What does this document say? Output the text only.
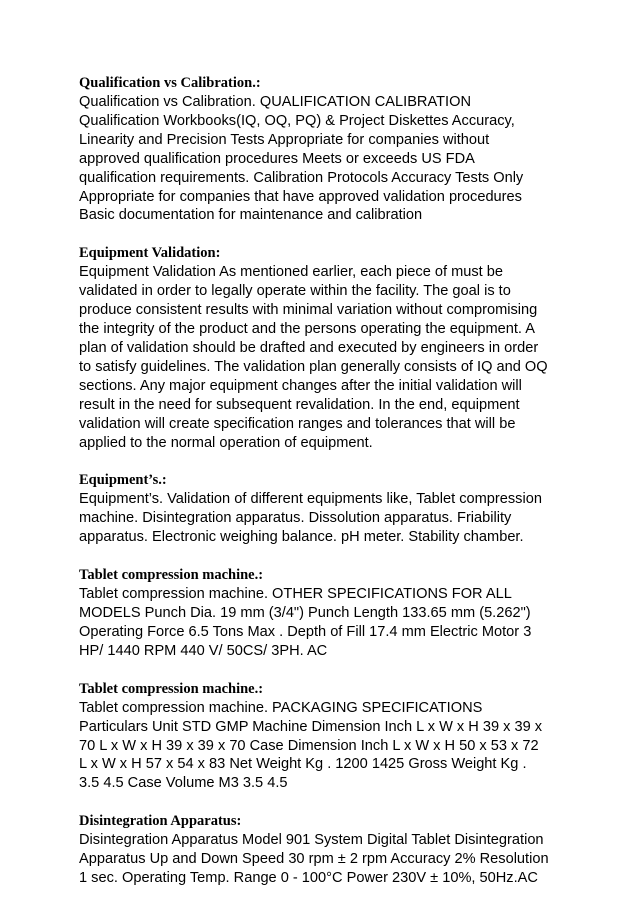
Qualification vs Calibration.:

Qualification vs Calibration. QUALIFICATION CALIBRATION

Qualification Workbooks(IQ, OQ, PQ) & Project Diskettes Accuracy,

Linearity and Precision Tests Appropriate for companies without

approved qualification procedures Meets or exceeds US FDA

qualification requirements. Calibration Protocols Accuracy Tests Only

Appropriate for companies that have approved validation procedures

Basic documentation for maintenance and calibration

Equipment Validation:

Equipment Validation As mentioned earlier, each piece of must be

validated in order to legally operate within the facility. The goal is to

produce consistent results with minimal variation without compromising

the integrity of the product and the persons operating the equipment. A

plan of validation should be drafted and executed by engineers in order

to satisfy guidelines. The validation plan generally consists of IQ and OQ

sections. Any major equipment changes after the initial validation will

result in the need for subsequent revalidation. In the end, equipment

validation will create specification ranges and tolerances that will be

applied to the normal operation of equipment.

Equipment’s.:

Equipment’s. Validation of different equipments like, Tablet compression

machine. Disintegration apparatus. Dissolution apparatus. Friability

apparatus. Electronic weighing balance. pH meter. Stability chamber.

Tablet compression machine.:

Tablet compression machine. OTHER SPECIFICATIONS FOR ALL

MODELS Punch Dia. 19 mm (3/4") Punch Length 133.65 mm (5.262")

Operating Force 6.5 Tons Max . Depth of Fill 17.4 mm Electric Motor 3

HP/ 1440 RPM 440 V/ 50CS/ 3PH. AC

Tablet compression machine.:

Tablet compression machine. PACKAGING SPECIFICATIONS

Particulars Unit STD GMP Machine Dimension Inch L x W x H 39 x 39 x

70 L x W x H 39 x 39 x 70 Case Dimension Inch L x W x H 50 x 53 x 72

L x W x H 57 x 54 x 83 Net Weight Kg . 1200 1425 Gross Weight Kg .

3.5 4.5 Case Volume M3 3.5 4.5

Disintegration Apparatus:

Disintegration Apparatus Model 901 System Digital Tablet Disintegration

Apparatus Up and Down Speed 30 rpm ± 2 rpm Accuracy 2% Resolution

1 sec. Operating Temp. Range 0 - 100°C Power 230V ± 10%, 50Hz.AC
